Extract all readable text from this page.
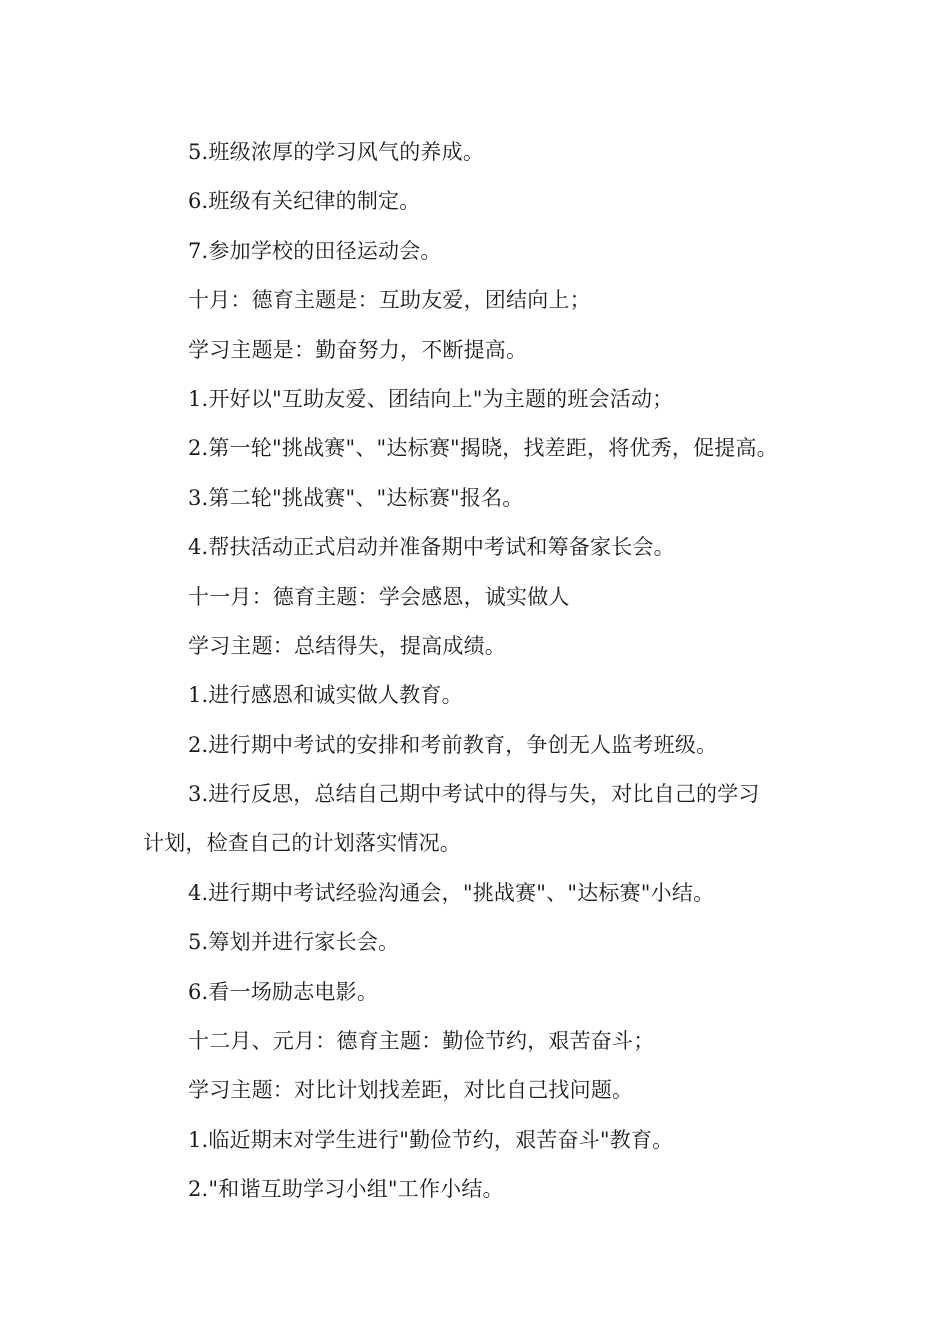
5.班级浓厚的学习风气的养成。
6.班级有关纪律的制定。
7.参加学校的田径运动会。
十月：德育主题是：互助友爱，团结向上；
学习主题是：勤奋努力，不断提高。
1.开好以"互助友爱、团结向上"为主题的班会活动；
2.第一轮"挑战赛"、"达标赛"揭晓，找差距，将优秀，促提高。
3.第二轮"挑战赛"、"达标赛"报名。
4.帮扶活动正式启动并准备期中考试和筹备家长会。
十一月：德育主题：学会感恩，诚实做人
学习主题：总结得失，提高成绩。
1.进行感恩和诚实做人教育。
2.进行期中考试的安排和考前教育，争创无人监考班级。
3.进行反思，总结自己期中考试中的得与失，对比自己的学习
计划，检查自己的计划落实情况。
4.进行期中考试经验沟通会，"挑战赛"、"达标赛"小结。
5.筹划并进行家长会。
6.看一场励志电影。
十二月、元月：德育主题：勤俭节约，艰苦奋斗；
学习主题：对比计划找差距，对比自己找问题。
1.临近期末对学生进行"勤俭节约，艰苦奋斗"教育。
2."和谐互助学习小组"工作小结。
